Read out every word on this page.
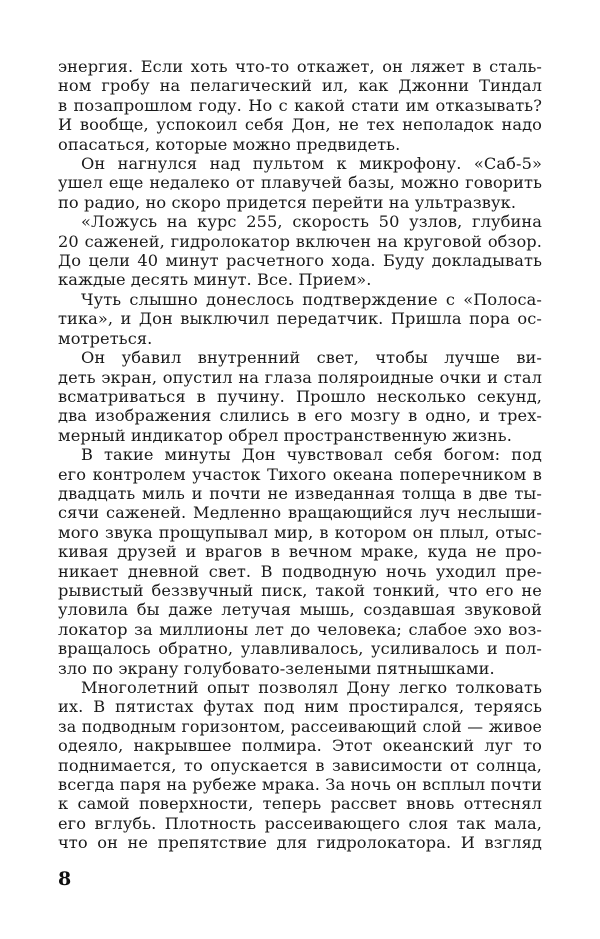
энергия. Если хоть что-то откажет, он ляжет в сталь-
ном гробу на пелагический ил, как Джонни Тиндал
в позапрошлом году. Но с какой стати им отказывать?
И вообще, успокоил себя Дон, не тех неполадок надо
опасаться, которые можно предвидеть.
Он нагнулся над пультом к микрофону. «Саб-5»
ушел еще недалеко от плавучей базы, можно говорить
по радио, но скоро придется перейти на ультразвук.
«Ложусь на курс 255, скорость 50 узлов, глубина
20 саженей, гидролокатор включен на круговой обзор.
До цели 40 минут расчетного хода. Буду докладывать
каждые десять минут. Все. Прием».
Чуть слышно донеслось подтверждение с «Полоса-
тика», и Дон выключил передатчик. Пришла пора ос-
мотреться.
Он убавил внутренний свет, чтобы лучше ви-
деть экран, опустил на глаза поляроидные очки и стал
всматриваться в пучину. Прошло несколько секунд,
два изображения слились в его мозгу в одно, и трех-
мерный индикатор обрел пространственную жизнь.
В такие минуты Дон чувствовал себя богом: под
его контролем участок Тихого океана поперечником в
двадцать миль и почти не изведанная толща в две ты-
сячи саженей. Медленно вращающийся луч неслыши-
мого звука прощупывал мир, в котором он плыл, отыс-
кивая друзей и врагов в вечном мраке, куда не про-
никает дневной свет. В подводную ночь уходил пре-
рывистый беззвучный писк, такой тонкий, что его не
уловила бы даже летучая мышь, создавшая звуковой
локатор за миллионы лет до человека; слабое эхо воз-
вращалось обратно, улавливалось, усиливалось и пол-
зло по экрану голубовато-зелеными пятнышками.
Многолетний опыт позволял Дону легко толковать
их. В пятистах футах под ним простирался, теряясь
за подводным горизонтом, рассеивающий слой — живое
одеяло, накрывшее полмира. Этот океанский луг то
поднимается, то опускается в зависимости от солнца,
всегда паря на рубеже мрака. За ночь он всплыл почти
к самой поверхности, теперь рассвет вновь оттеснял
его вглубь. Плотность рассеивающего слоя так мала,
что он не препятствие для гидролокатора. И взгляд
8
